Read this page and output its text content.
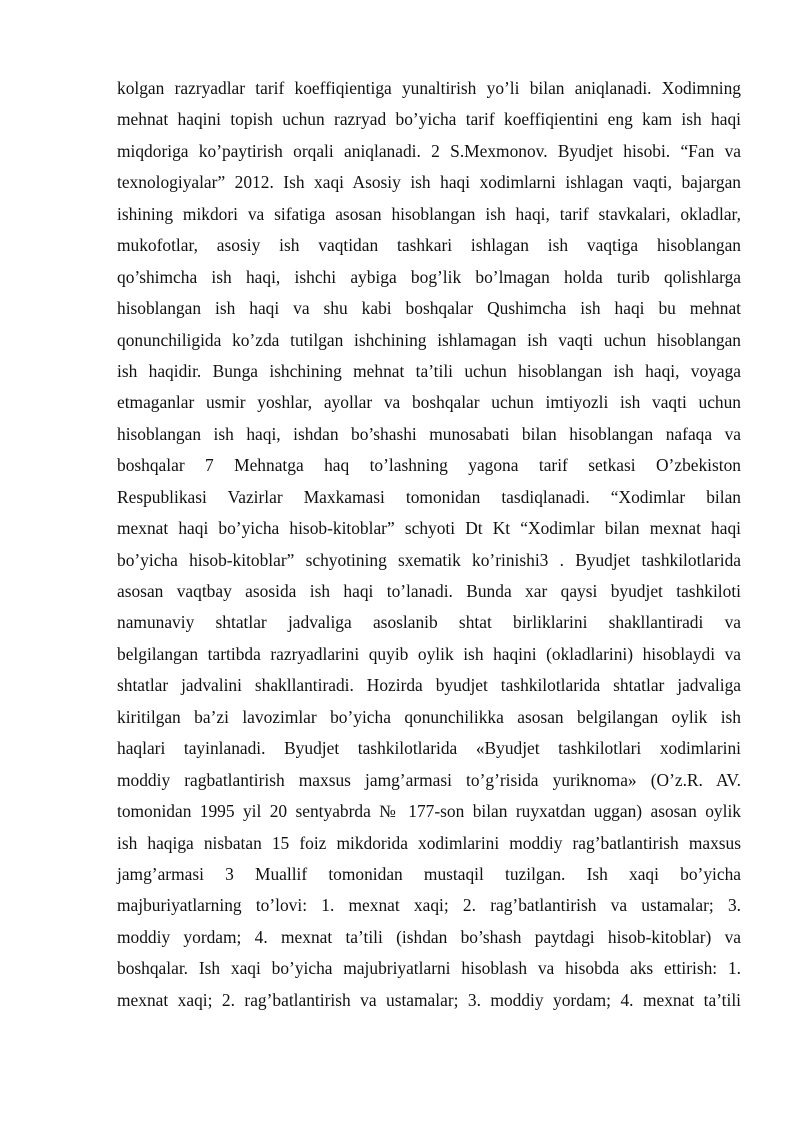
kolgan razryadlar tarif koeffiqientiga yunaltirish yo’li bilan aniqlanadi. Xodimning
mehnat haqini topish uchun razryad bo’yicha tarif koeffiqientini eng kam ish haqi
miqdoriga ko’paytirish orqali aniqlanadi. 2 S.Mexmonov. Byudjet hisobi. “Fan va
texnologiyalar” 2012. Ish xaqi Asosiy ish haqi xodimlarni ishlagan vaqti, bajargan
ishining mikdori va sifatiga asosan hisoblangan ish haqi, tarif stavkalari, okladlar,
mukofotlar, asosiy ish vaqtidan tashkari ishlagan ish vaqtiga hisoblangan
qo’shimcha ish haqi, ishchi aybiga bog’lik bo’lmagan holda turib qolishlarga
hisoblangan ish haqi va shu kabi boshqalar Qushimcha ish haqi bu mehnat
qonunchiligida ko’zda tutilgan ishchining ishlamagan ish vaqti uchun hisoblangan
ish haqidir. Bunga ishchining mehnat ta’tili uchun hisoblangan ish haqi, voyaga
etmaganlar usmir yoshlar, ayollar va boshqalar uchun imtiyozli ish vaqti uchun
hisoblangan ish haqi, ishdan bo’shashi munosabati bilan hisoblangan nafaqa va
boshqalar 7 Mehnatga haq to’lashning yagona tarif setkasi O’zbekiston
Respublikasi Vazirlar Maxkamasi tomonidan tasdiqlanadi. “Xodimlar bilan
mexnat haqi bo’yicha hisob-kitoblar” schyoti Dt Kt “Xodimlar bilan mexnat haqi
bo’yicha hisob-kitoblar” schyotining sxematik ko’rinishi3 . Byudjet tashkilotlarida
asosan vaqtbay asosida ish haqi to’lanadi. Bunda xar qaysi byudjet tashkiloti
namunaviy shtatlar jadvaliga asoslanib shtat birliklarini shakllantiradi va
belgilangan tartibda razryadlarini quyib oylik ish haqini (okladlarini) hisoblaydi va
shtatlar jadvalini shakllantiradi. Hozirda byudjet tashkilotlarida shtatlar jadvaliga
kiritilgan ba’zi lavozimlar bo’yicha qonunchilikka asosan belgilangan oylik ish
haqlari tayinlanadi. Byudjet tashkilotlarida «Byudjet tashkilotlari xodimlarini
moddiy ragbatlantirish maxsus jamg’armasi to’g’risida yuriknoma» (O’z.R. AV.
tomonidan 1995 yil 20 sentyabrda № 177-son bilan ruyxatdan uggan) asosan oylik
ish haqiga nisbatan 15 foiz mikdorida xodimlarini moddiy rag’batlantirish maxsus
jamg’armasi 3 Muallif tomonidan mustaqil tuzilgan. Ish xaqi bo’yicha
majburiyatlarning to’lovi: 1. mexnat xaqi; 2. rag’batlantirish va ustamalar; 3.
moddiy yordam; 4. mexnat ta’tili (ishdan bo’shash paytdagi hisob-kitoblar) va
boshqalar. Ish xaqi bo’yicha majubriyatlarni hisoblash va hisobda aks ettirish: 1.
mexnat xaqi; 2. rag’batlantirish va ustamalar; 3. moddiy yordam; 4. mexnat ta’tili
